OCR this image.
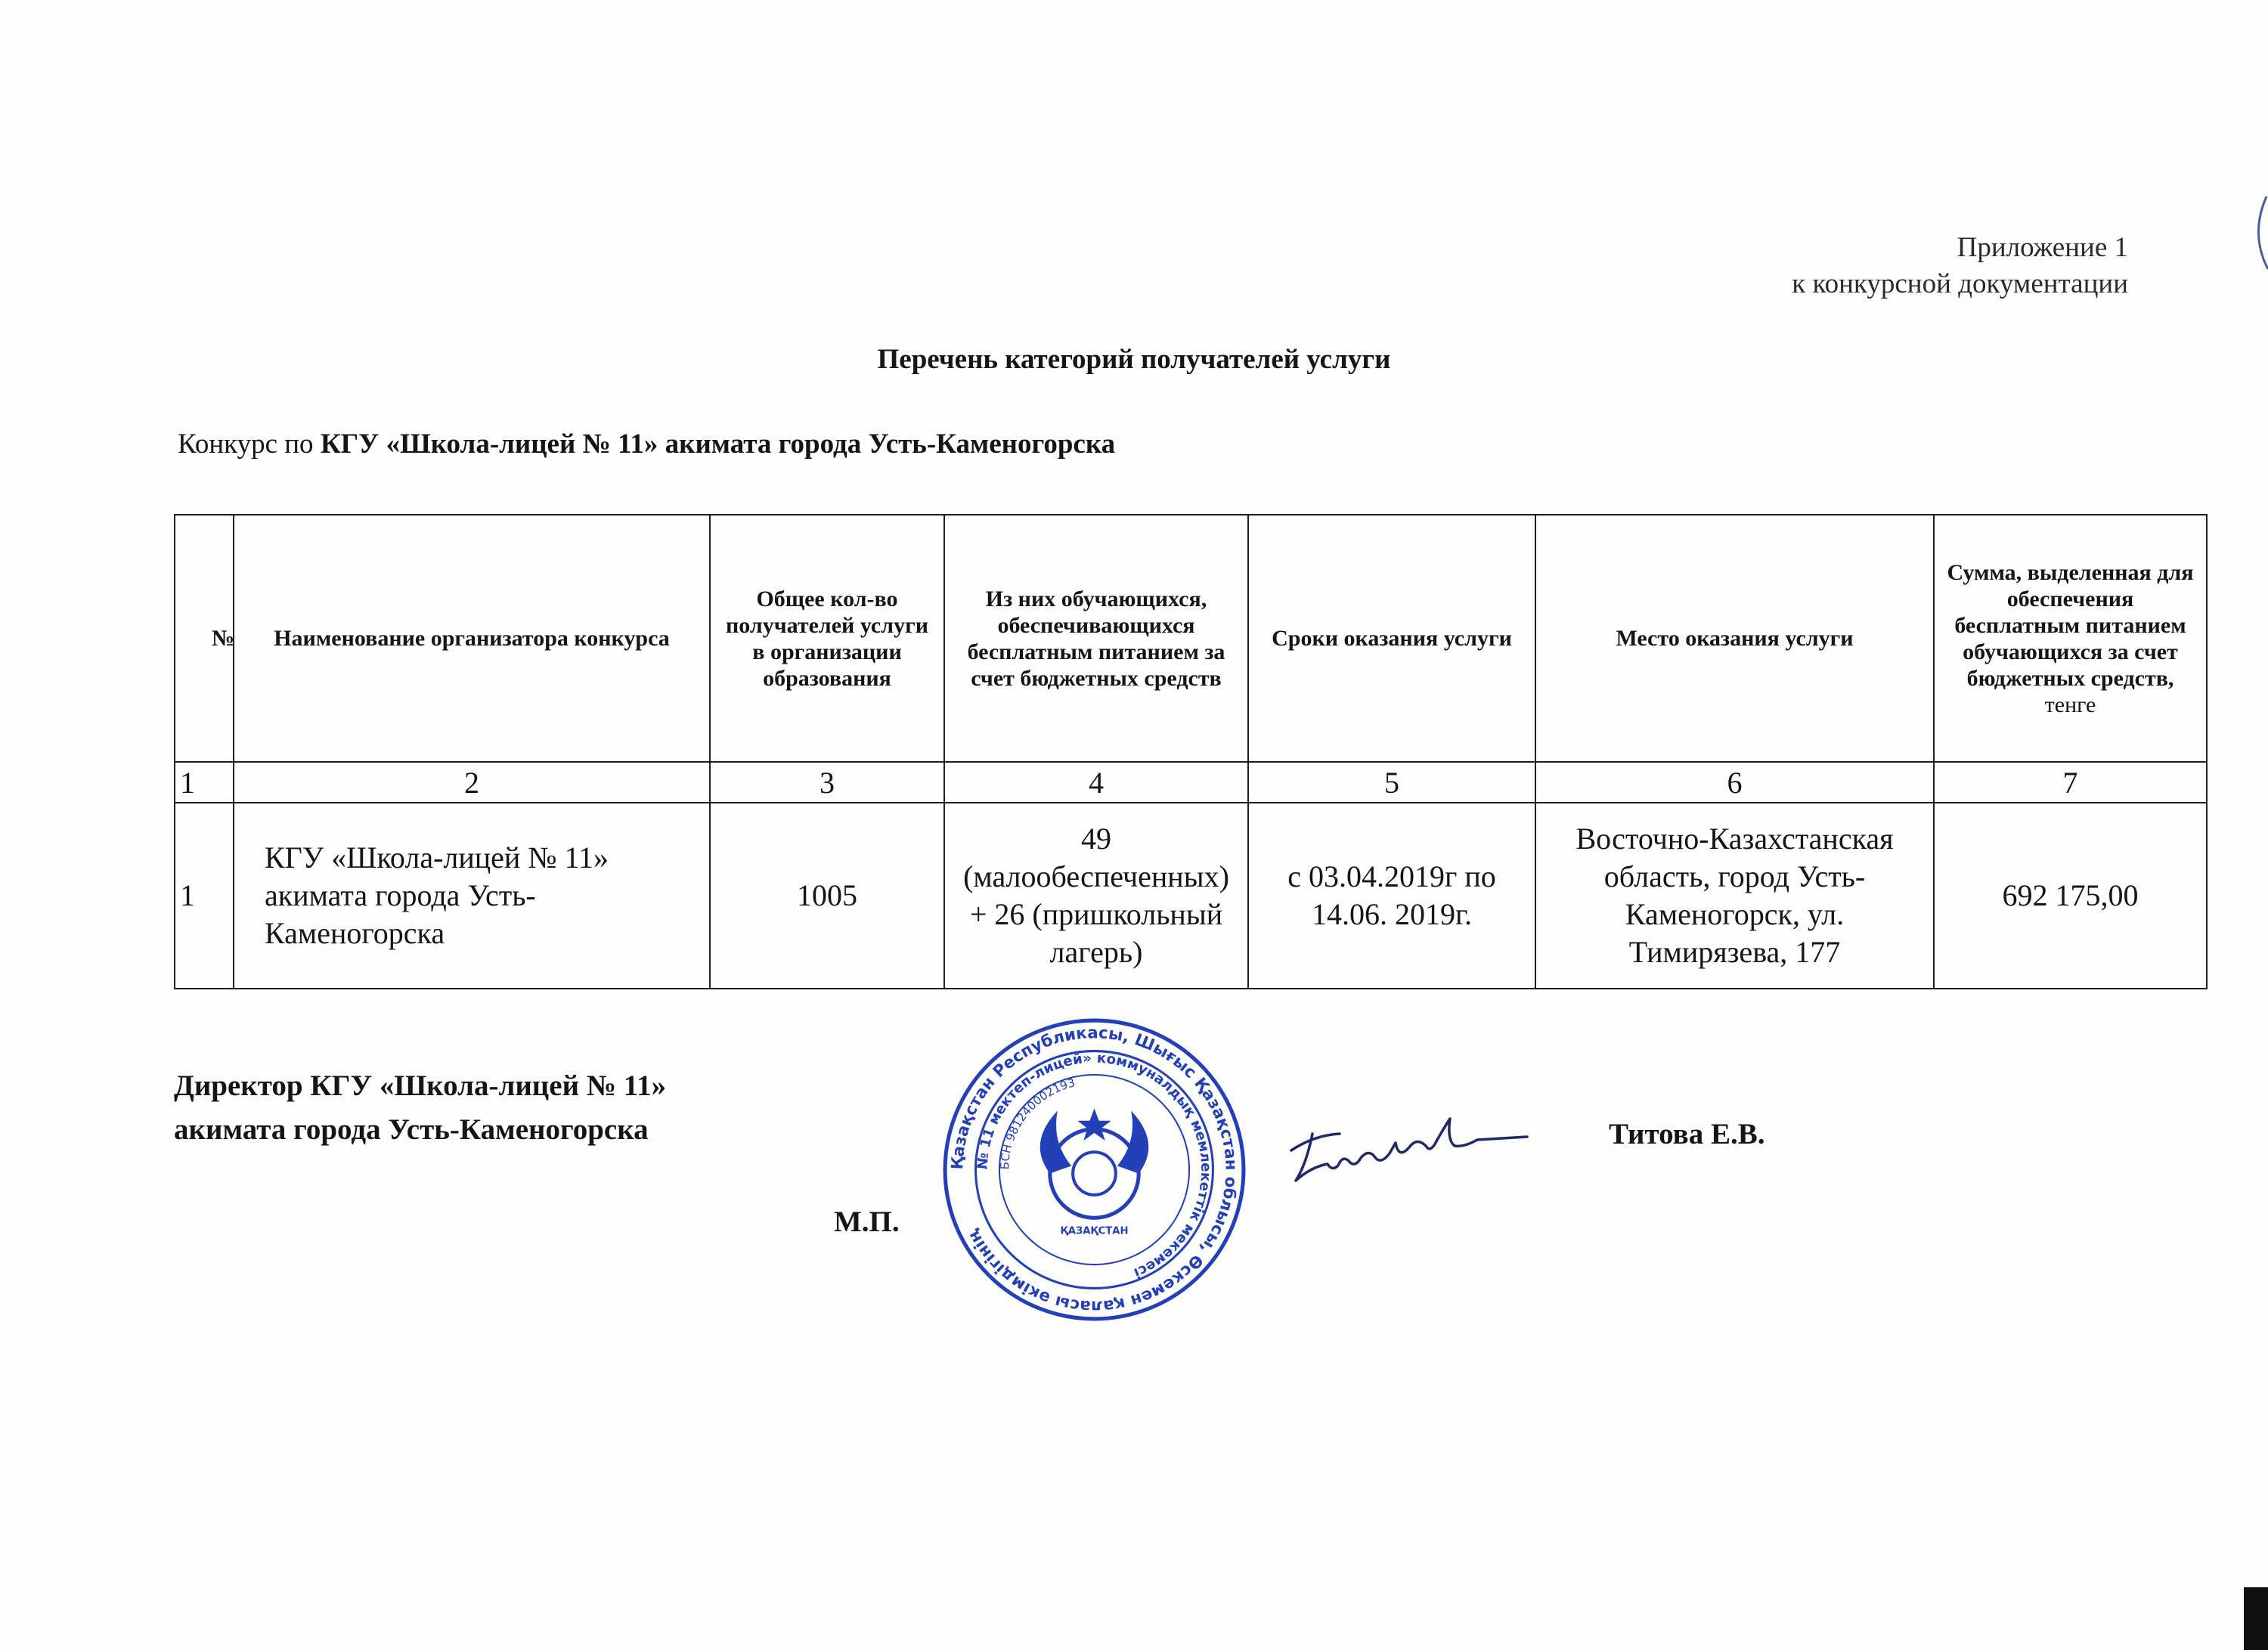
Приложение 1
к конкурсной документации
Перечень категорий получателей услуги
Конкурс по КГУ «Школа-лицей № 11» акимата города Усть-Каменогорска
№	Наименование организатора конкурса	Общее кол-во получателей услуги в организации образования	Из них обучающихся, обеспечивающихся бесплатным питанием за счет бюджетных средств	Сроки оказания услуги	Место оказания услуги	Сумма, выделенная для обеспечения бесплатным питанием обучающихся за счет бюджетных средств, тенге
1	2	3	4	5	6	7
1	КГУ «Школа-лицей № 11» акимата города Усть-Каменогорска	1005	49 (малообеспеченных) + 26 (пришкольный лагерь)	с 03.04.2019г по 14.06. 2019г.	Восточно-Казахстанская область, город Усть-Каменогорск, ул. Тимирязева, 177	692 175,00
Директор КГУ «Школа-лицей № 11»
акимата города Усть-Каменогорска
М.П.
Қазақстан Республикасы, Шығыс Қазақстан облысы, Өскемен қаласы әкімдігінің
№ 11 мектеп-лицей» коммуналдық мемлекеттік мекемесі
БСН 981240002193
ҚАЗАҚСТАН
Титова Е.В.
